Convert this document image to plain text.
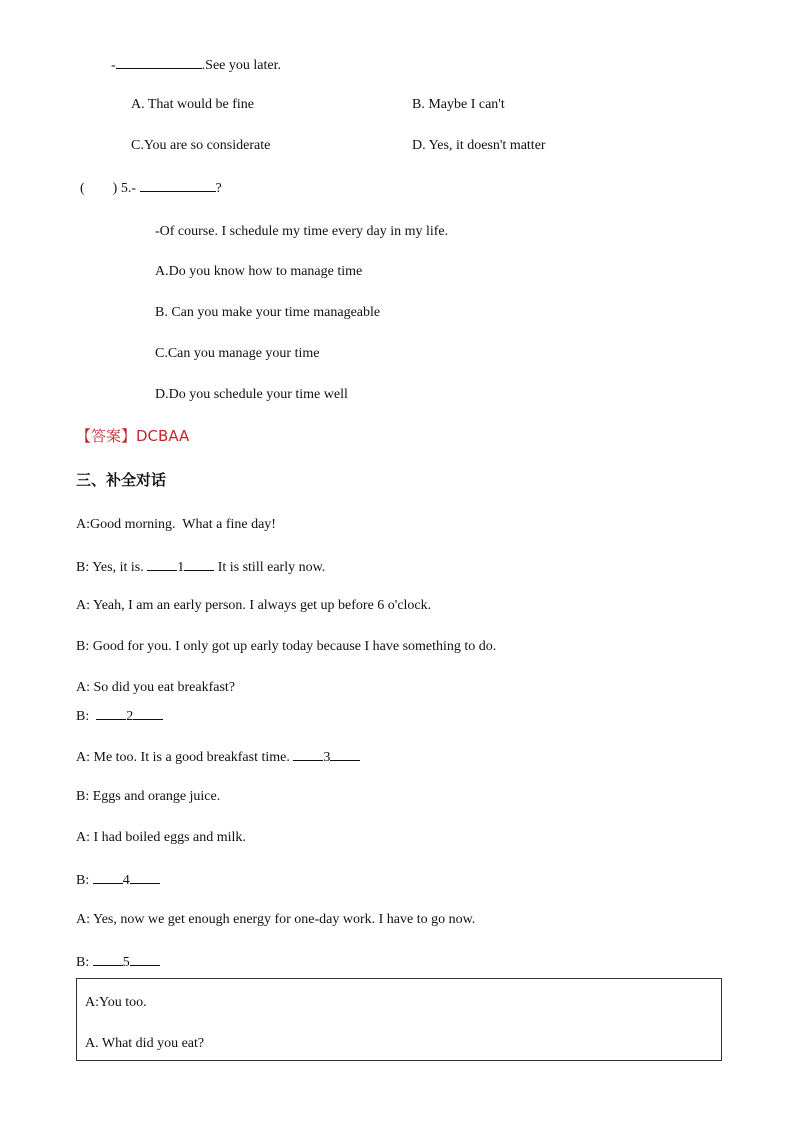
-	.See you later.
A. That would be fine	B. Maybe I can't
C.You are so considerate	D. Yes, it doesn't matter
(        ) 5.-	?
-Of course. I schedule my time every day in my life.
A.Do you know how to manage time
B. Can you make your time manageable
C.Can you manage your time
D.Do you schedule your time well
【答案】DCBAA
三、补全对话
A:Good morning.  What a fine day!
B: Yes, it is. 1 It is still early now.
A: Yeah, I am an early person. I always get up before 6 o'clock.
B: Good for you. I only got up early today because I have something to do.
A: So did you eat breakfast?
B:  2
A: Me too. It is a good breakfast time. 3
B: Eggs and orange juice.
A: I had boiled eggs and milk.
B: 4
A: Yes, now we get enough energy for one-day work. I have to go now.
B: 5
A:You too.
A. What did you eat?
